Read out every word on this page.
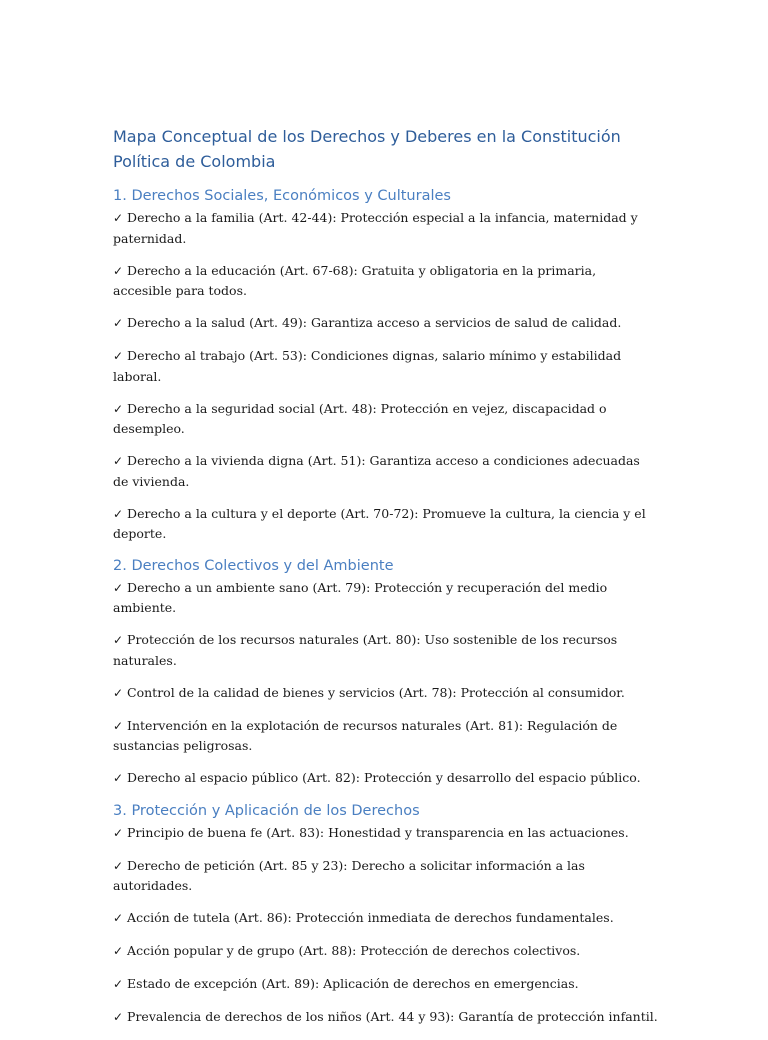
Mapa Conceptual de los Derechos y Deberes en la Constitución Política de Colombia
1. Derechos Sociales, Económicos y Culturales

✓ Derecho a la familia (Art. 42-44): Protección especial a la infancia, maternidad y paternidad.

✓ Derecho a la educación (Art. 67-68): Gratuita y obligatoria en la primaria, accesible para todos.

✓ Derecho a la salud (Art. 49): Garantiza acceso a servicios de salud de calidad.

✓ Derecho al trabajo (Art. 53): Condiciones dignas, salario mínimo y estabilidad laboral.

✓ Derecho a la seguridad social (Art. 48): Protección en vejez, discapacidad o desempleo.

✓ Derecho a la vivienda digna (Art. 51): Garantiza acceso a condiciones adecuadas de vivienda.

✓ Derecho a la cultura y el deporte (Art. 70-72): Promueve la cultura, la ciencia y el deporte.

2. Derechos Colectivos y del Ambiente

✓ Derecho a un ambiente sano (Art. 79): Protección y recuperación del medio ambiente.

✓ Protección de los recursos naturales (Art. 80): Uso sostenible de los recursos naturales.

✓ Control de la calidad de bienes y servicios (Art. 78): Protección al consumidor.

✓ Intervención en la explotación de recursos naturales (Art. 81): Regulación de sustancias peligrosas.

✓ Derecho al espacio público (Art. 82): Protección y desarrollo del espacio público.

3. Protección y Aplicación de los Derechos

✓ Principio de buena fe (Art. 83): Honestidad y transparencia en las actuaciones.

✓ Derecho de petición (Art. 85 y 23): Derecho a solicitar información a las autoridades.

✓ Acción de tutela (Art. 86): Protección inmediata de derechos fundamentales.

✓ Acción popular y de grupo (Art. 88): Protección de derechos colectivos.

✓ Estado de excepción (Art. 89): Aplicación de derechos en emergencias.

✓ Prevalencia de derechos de los niños (Art. 44 y 93): Garantía de protección infantil.
